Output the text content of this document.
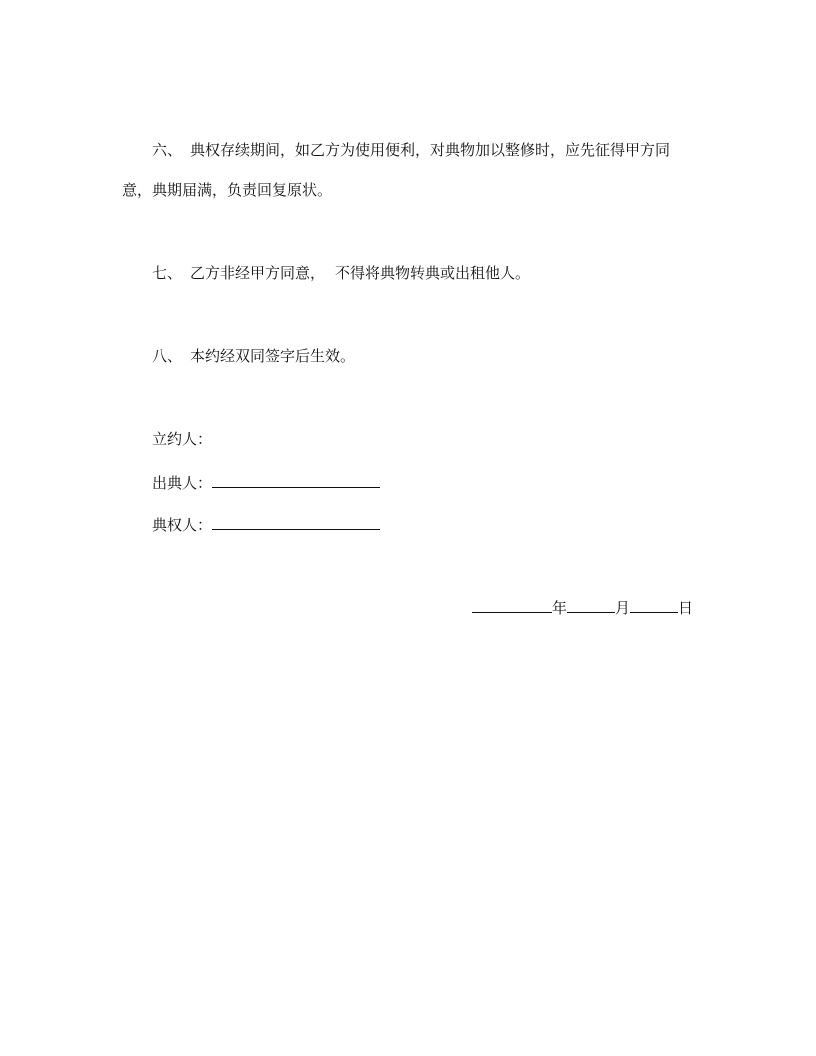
六、 典权存续期间，如乙方为使用便利，对典物加以整修时，应先征得甲方同
意，典期届满，负责回复原状。
七、 乙方非经甲方同意， 不得将典物转典或出租他人。
八、 本约经双同签字后生效。
立约人：
出典人：
典权人：
年	月	日
